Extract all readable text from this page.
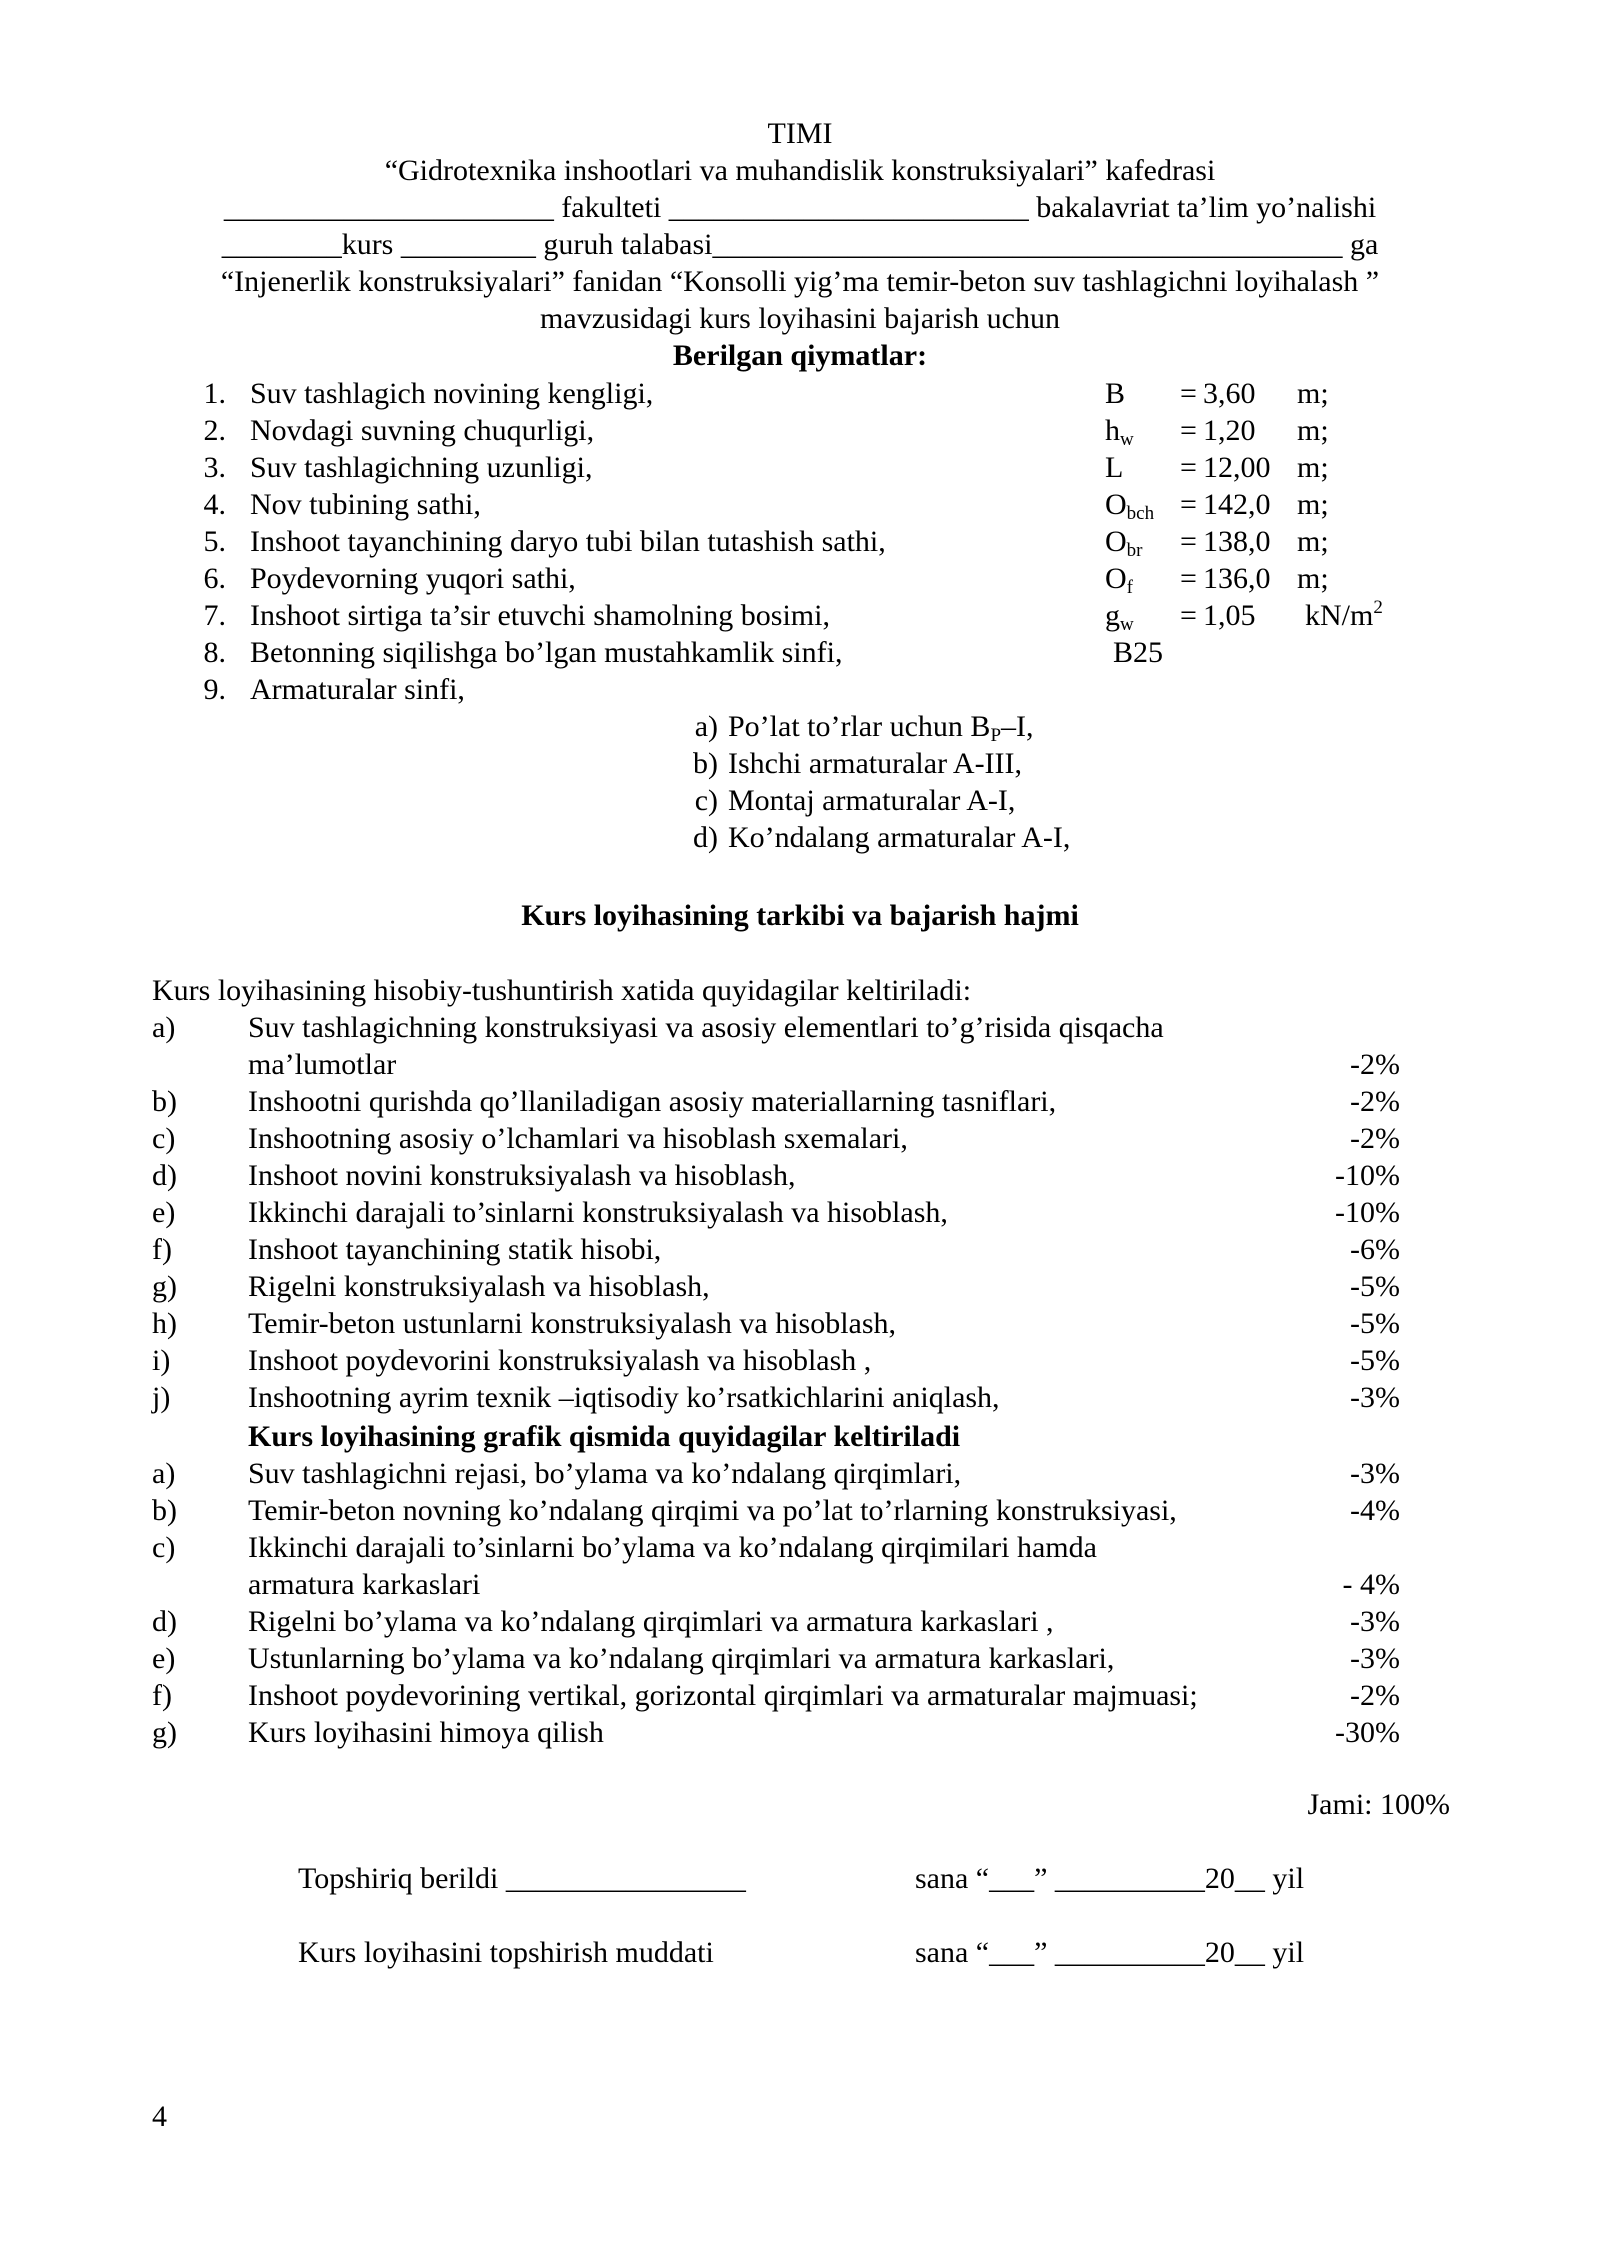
TIMI
“Gidrotexnika inshootlari va muhandislik konstruksiyalari” kafedrasi
______________________ fakulteti ________________________ bakalavriat ta’lim yo’nalishi
________kurs _________ guruh talabasi__________________________________________ ga
“Injenerlik konstruksiyalari” fanidan “Konsolli yig’ma temir-beton suv tashlagichni loyihalash ”
mavzusidagi kurs loyihasini bajarish uchun
Berilgan qiymatlar:
1. Suv tashlagich novining kengligi,	B = 3,60 m;
2. Novdagi suvning chuqurligi,	$h_w = 1,20$ m;
3. Suv tashlagichning uzunligi,	L = 12,00 m;
4. Nov tubining sathi,	$O_{bch} = 142,0$ m;
5. Inshoot tayanchining daryo tubi bilan tutashish sathi,	$O_{br} = 138,0$ m;
6. Poydevorning yuqori sathi,	$O_f = 136,0$ m;
7. Inshoot sirtiga ta’sir etuvchi shamolning bosimi,	$g_w = 1,05$ $kN/m^2$
8. Betonning siqilishga bo’lgan mustahkamlik sinfi,	B25
9. Armaturalar sinfi,
a) Po’lat to’rlar uchun $B_P-I$,
b) Ishchi armaturalar A-III,
c) Montaj armaturalar A-I,
d) Ko’ndalang armaturalar A-I,
Kurs loyihasining tarkibi va bajarish hajmi
Kurs loyihasining hisobiy-tushuntirish xatida quyidagilar keltiriladi:
a) Suv tashlagichning konstruksiyasi va asosiy elementlari to’g’risida qisqacha
ma’lumotlar	-2%
b) Inshootni qurishda qo’llaniladigan asosiy materiallarning tasniflari,	-2%
c) Inshootning asosiy o’lchamlari va hisoblash sxemalari,	-2%
d) Inshoot novini konstruksiyalash va hisoblash,	-10%
e) Ikkinchi darajali to’sinlarni konstruksiyalash va hisoblash,	-10%
f)	Inshoot tayanchining statik hisobi,	-6%
g) Rigelni konstruksiyalash va hisoblash,	-5%
h) Temir-beton ustunlarni konstruksiyalash va hisoblash,	-5%
i)	Inshoot poydevorini konstruksiyalash va hisoblash ,	-5%
j)	Inshootning ayrim texnik –iqtisodiy ko’rsatkichlarini aniqlash,	-3%
Kurs loyihasining grafik qismida quyidagilar keltiriladi
a) Suv tashlagichni rejasi, bo’ylama va ko’ndalang qirqimlari,	-3%
b) Temir-beton novning ko’ndalang qirqimi va po’lat to’rlarning konstruksiyasi,	-4%
c) Ikkinchi darajali to’sinlarni bo’ylama va ko’ndalang qirqimilari hamda
armatura karkaslari	- 4%
d) Rigelni bo’ylama va ko’ndalang qirqimlari va armatura karkaslari ,	-3%
e) Ustunlarning bo’ylama va ko’ndalang qirqimlari va armatura karkaslari,	-3%
f)	Inshoot poydevorining vertikal, gorizontal qirqimlari va armaturalar majmuasi;	-2%
g) Kurs loyihasini himoya qilish	-30%
Jami: 100%
Topshiriq berildi ________________	sana “___” __________20__ yil
Kurs loyihasini topshirish muddati	sana “___” __________20__ yil
4
